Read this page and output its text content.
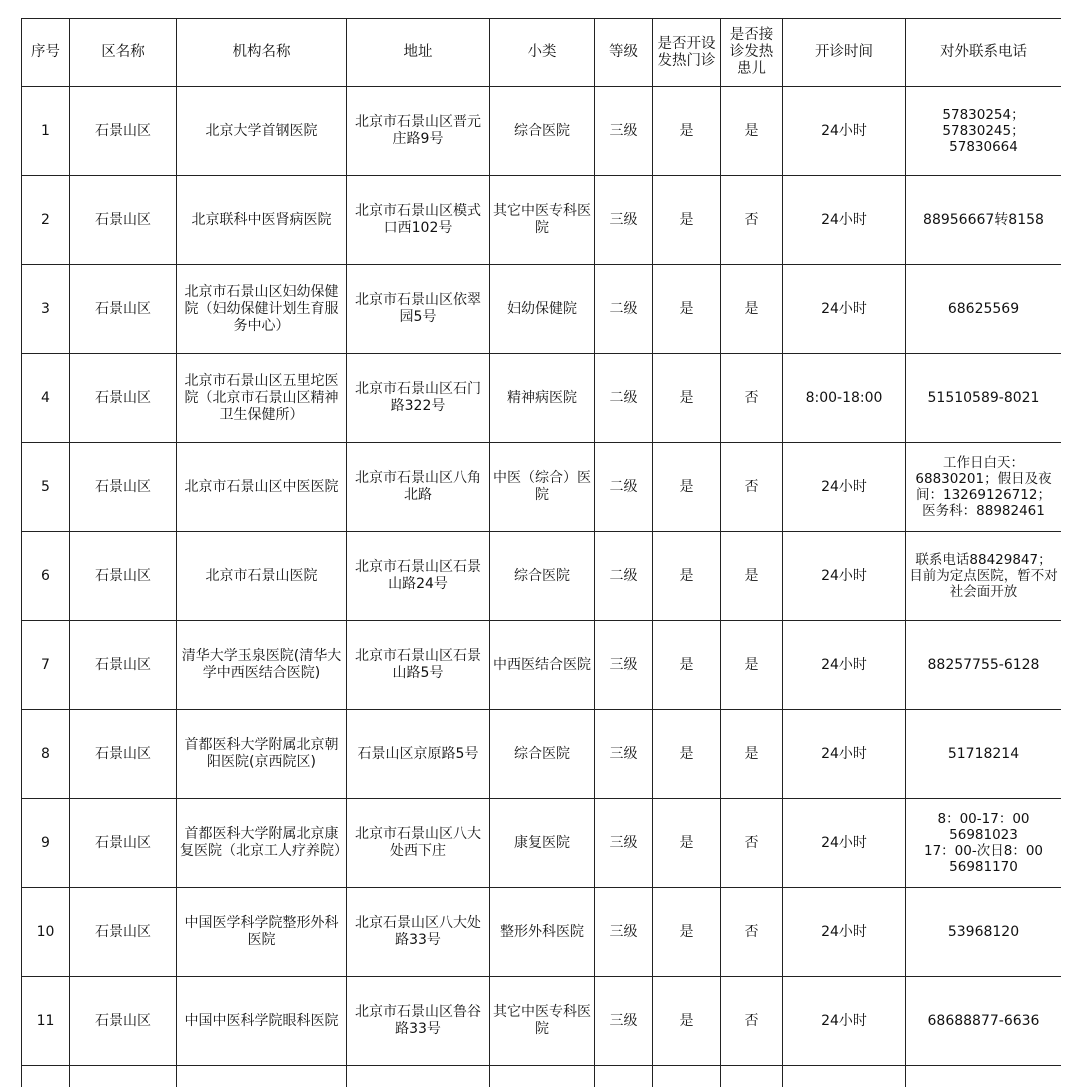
序号	区名称	机构名称	地址	小类	等级	是否开设发热门诊	是否接诊发热患儿	开诊时间	对外联系电话
1	石景山区	北京大学首钢医院	北京市石景山区晋元庄路9号	综合医院	三级	是	是	24小时	57830254；
57830245；
57830664
2	石景山区	北京联科中医肾病医院	北京市石景山区模式口西102号	其它中医专科医院	三级	是	否	24小时	88956667转8158
3	石景山区	北京市石景山区妇幼保健院（妇幼保健计划生育服务中心）	北京市石景山区依翠园5号	妇幼保健院	二级	是	是	24小时	68625569
4	石景山区	北京市石景山区五里坨医院（北京市石景山区精神卫生保健所）	北京市石景山区石门路322号	精神病医院	二级	是	否	8:00-18:00	51510589-8021
5	石景山区	北京市石景山区中医医院	北京市石景山区八角北路	中医（综合）医院	二级	是	否	24小时	工作日白天：
68830201；假日及夜间：13269126712；
医务科：88982461
6	石景山区	北京市石景山医院	北京市石景山区石景山路24号	综合医院	二级	是	是	24小时	联系电话88429847；目前为定点医院，暂不对社会面开放
7	石景山区	清华大学玉泉医院(清华大学中西医结合医院)	北京市石景山区石景山路5号	中西医结合医院	三级	是	是	24小时	88257755-6128
8	石景山区	首都医科大学附属北京朝阳医院(京西院区)	石景山区京原路5号	综合医院	三级	是	是	24小时	51718214
9	石景山区	首都医科大学附属北京康复医院（北京工人疗养院）	北京市石景山区八大处西下庄	康复医院	三级	是	否	24小时	8：00-17：00
56981023
17：00-次日8：00
56981170
10	石景山区	中国医学科学院整形外科医院	北京石景山区八大处路33号	整形外科医院	三级	是	否	24小时	53968120
11	石景山区	中国中医科学院眼科医院	北京市石景山区鲁谷路33号	其它中医专科医院	三级	是	否	24小时	68688877-6636
